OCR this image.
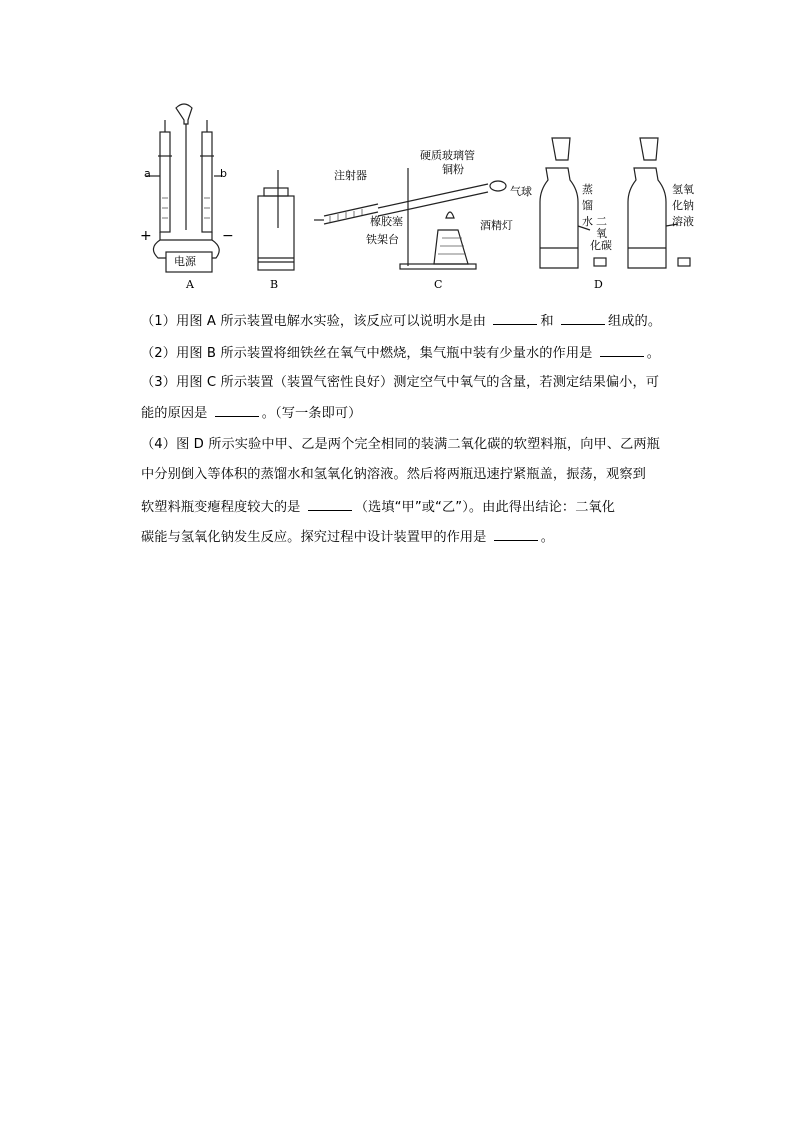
a	b
+	−
电源
A	B
注射器
硬质玻璃管
铜粉
气球
橡胶塞	酒精灯
铁架台
C
蒸
馏
水 二
氧
化碳
氢氧
化钠
溶液
D
（1）用图 A 所示装置电解水实验，该反应可以说明水是由	和	组成的。
（2）用图 B 所示装置将细铁丝在氧气中燃烧，集气瓶中装有少量水的作用是	。
（3）用图 C 所示装置（装置气密性良好）测定空气中氧气的含量，若测定结果偏小，可
能的原因是	。（写一条即可）
（4）图 D 所示实验中甲、乙是两个完全相同的装满二氧化碳的软塑料瓶，向甲、乙两瓶
中分别倒入等体积的蒸馏水和氢氧化钠溶液。然后将两瓶迅速拧紧瓶盖，振荡，观察到
软塑料瓶变瘪程度较大的是	（选填“甲”或“乙”）。由此得出结论：二氧化
碳能与氢氧化钠发生反应。探究过程中设计装置甲的作用是	。
